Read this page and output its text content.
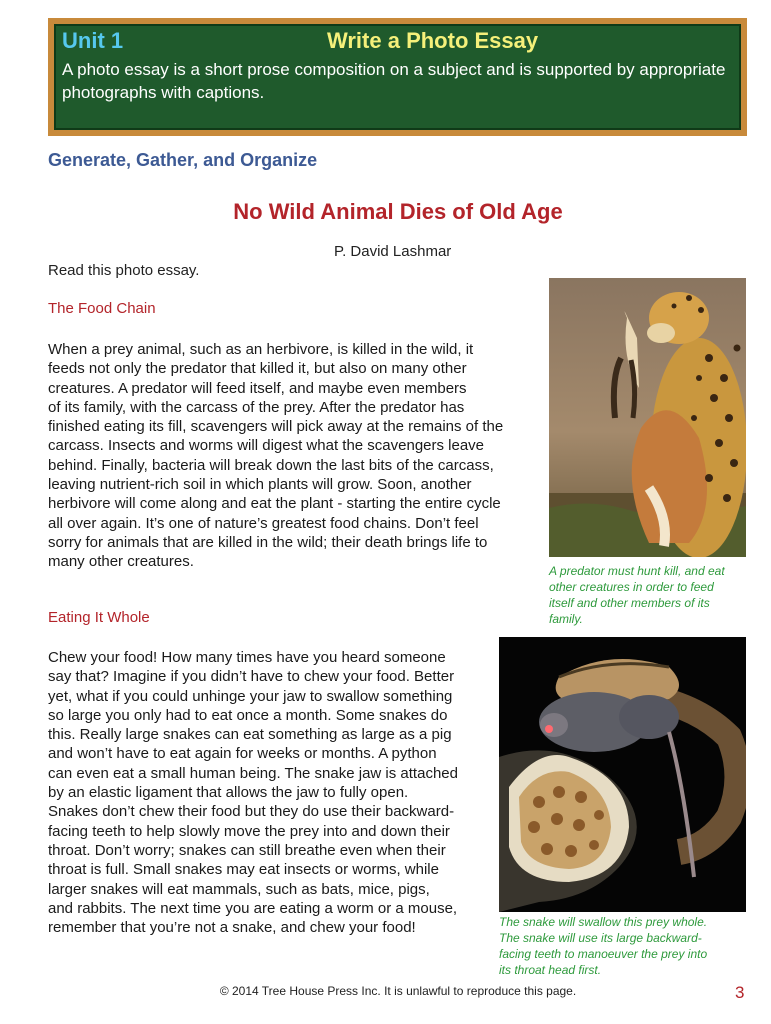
Unit 1	Write a Photo Essay
A photo essay is a short prose composition on a subject and is supported by appropriate photographs with captions.
Generate, Gather, and Organize
No Wild Animal Dies of Old Age
P. David Lashmar
Read this photo essay.
The Food Chain

When a prey animal, such as an herbivore, is killed in the wild, it
feeds not only the predator that killed it, but also on many other
creatures. A predator will feed itself, and maybe even members
of its family, with the carcass of the prey. After the predator has
finished eating its fill, scavengers will pick away at the remains of the
carcass. Insects and worms will digest what the scavengers leave
behind. Finally, bacteria will break down the last bits of the carcass,
leaving nutrient-rich soil in which plants will grow. Soon, another
herbivore will come along and eat the plant - starting the entire cycle
all over again. It’s one of nature’s greatest food chains. Don’t feel
sorry for animals that are killed in the wild; their death brings life to
many other creatures.

A predator must hunt kill, and eat
other creatures in order to feed
itself and other members of its
family.

Eating It Whole

Chew your food! How many times have you heard someone
say that? Imagine if you didn’t have to chew your food. Better
yet, what if you could unhinge your jaw to swallow something
so large you only had to eat once a month. Some snakes do
this. Really large snakes can eat something as large as a pig
and won’t have to eat again for weeks or months. A python
can even eat a small human being. The snake jaw is attached
by an elastic ligament that allows the jaw to fully open.
Snakes don’t chew their food but they do use their backward-
facing teeth to help slowly move the prey into and down their
throat. Don’t worry; snakes can still breathe even when their
throat is full. Small snakes may eat insects or worms, while
larger snakes will eat mammals, such as bats, mice, pigs,
and rabbits. The next time you are eating a worm or a mouse,
remember that you’re not a snake, and chew your food!	The snake will swallow this prey whole.
The snake will use its large backward-
facing teeth to manoeuver the prey into
its throat head first.

© 2014 Tree House Press Inc. It is unlawful to reproduce this page.	3
